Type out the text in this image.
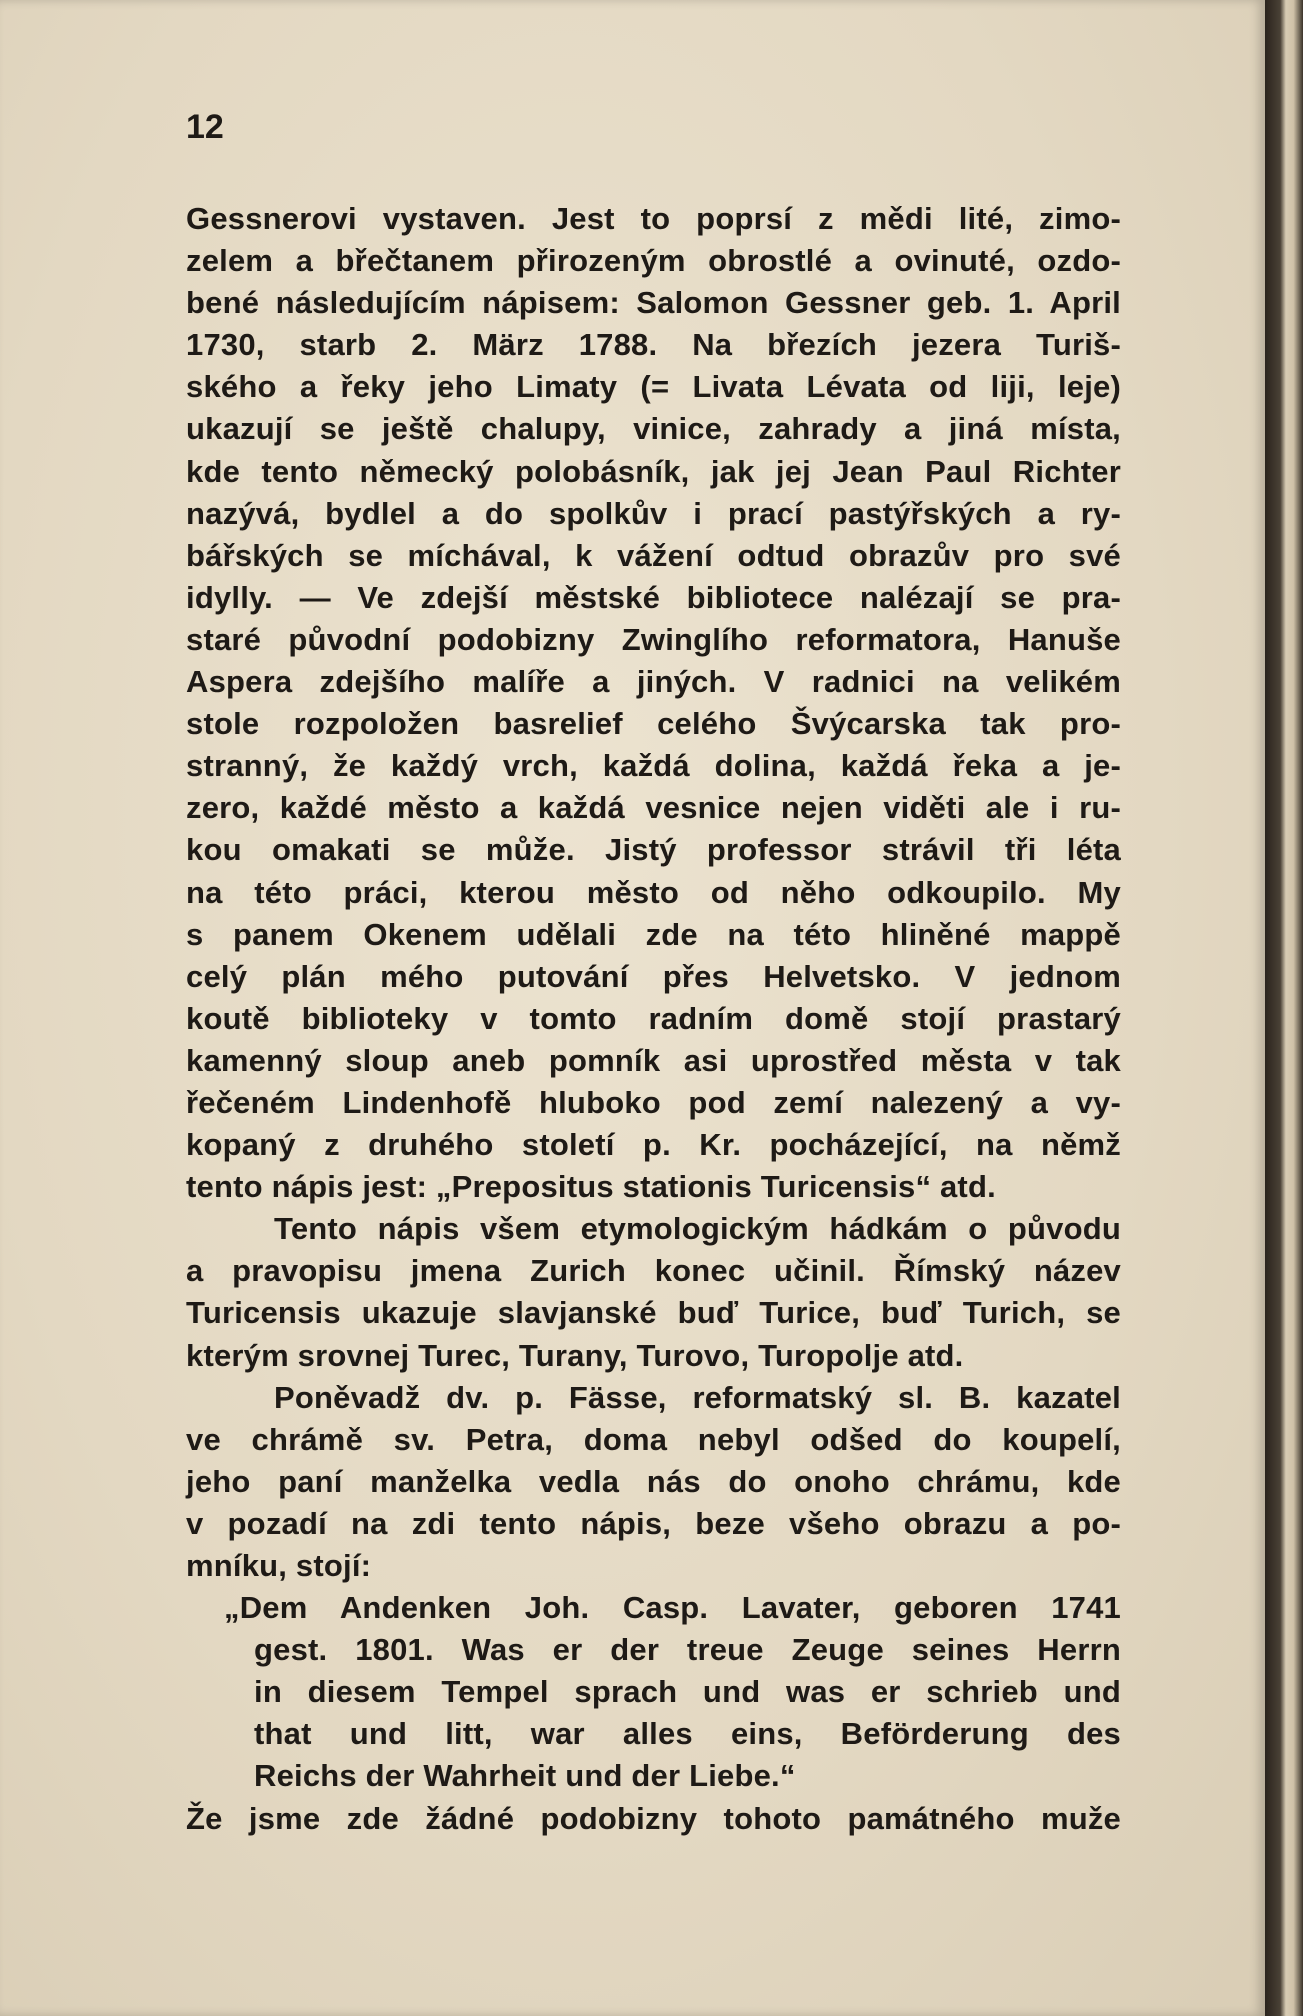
12
Gessnerovi vystaven. Jest to poprsí z mědi lité, zimo-
zelem a břečtanem přirozeným obrostlé a ovinuté, ozdo-
bené následujícím nápisem: Salomon Gessner geb. 1. April
1730, starb 2. März 1788. Na březích jezera Turiš-
ského a řeky jeho Limaty (= Livata Lévata od liji, leje)
ukazují se ještě chalupy, vinice, zahrady a jiná místa,
kde tento německý polobásník, jak jej Jean Paul Richter
nazývá, bydlel a do spolkův i prací pastýřských a ry-
bářských se míchával, k vážení odtud obrazův pro své
idylly. — Ve zdejší městské bibliotece nalézají se pra-
staré původní podobizny Zwinglího reformatora, Hanuše
Aspera zdejšího malíře a jiných. V radnici na velikém
stole rozpoložen basrelief celého Švýcarska tak pro-
stranný, že každý vrch, každá dolina, každá řeka a je-
zero, každé město a každá vesnice nejen viděti ale i ru-
kou omakati se může. Jistý professor strávil tři léta
na této práci, kterou město od něho odkoupilo. My
s panem Okenem udělali zde na této hliněné mappě
celý plán mého putování přes Helvetsko. V jednom
koutě biblioteky v tomto radním domě stojí prastarý
kamenný sloup aneb pomník asi uprostřed města v tak
řečeném Lindenhofě hluboko pod zemí nalezený a vy-
kopaný z druhého století p. Kr. pocházející, na němž
tento nápis jest: „Prepositus stationis Turicensis“ atd.
Tento nápis všem etymologickým hádkám o původu
a pravopisu jmena Zurich konec učinil. Římský název
Turicensis ukazuje slavjanské buď Turice, buď Turich, se
kterým srovnej Turec, Turany, Turovo, Turopolje atd.
Poněvadž dv. p. Fässe, reformatský sl. B. kazatel
ve chrámě sv. Petra, doma nebyl odšed do koupelí,
jeho paní manželka vedla nás do onoho chrámu, kde
v pozadí na zdi tento nápis, beze všeho obrazu a po-
mníku, stojí:
„Dem Andenken Joh. Casp. Lavater, geboren 1741
gest. 1801. Was er der treue Zeuge seines Herrn
in diesem Tempel sprach und was er schrieb und
that und litt, war alles eins, Beförderung des
Reichs der Wahrheit und der Liebe.“
Že jsme zde žádné podobizny tohoto památného muže
